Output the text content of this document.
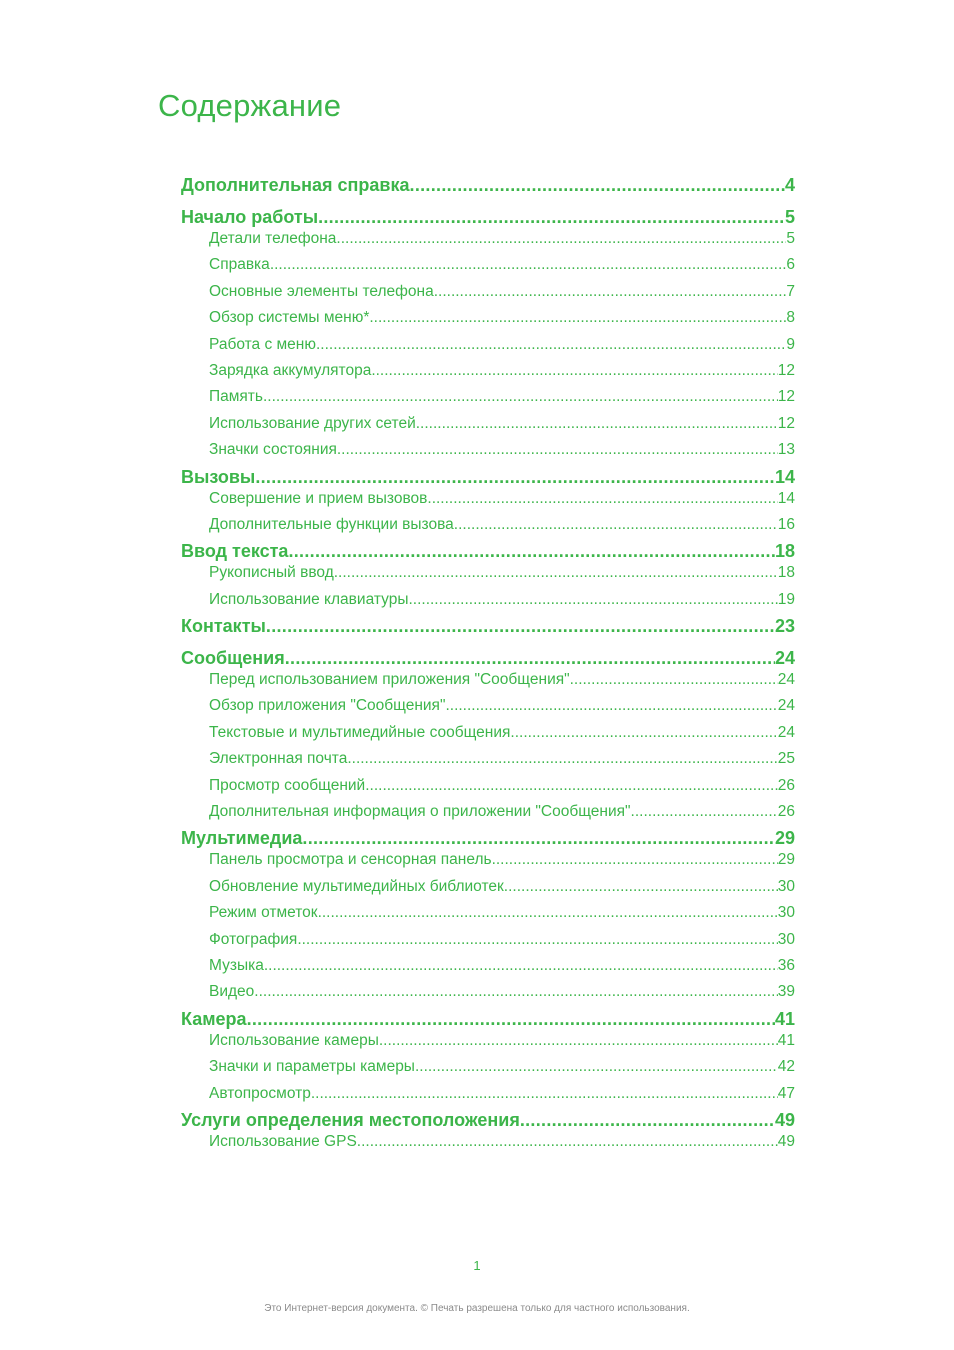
Содержание
Дополнительная справка .....	4
Начало работы .....	5
Детали телефона .....	5
Справка .....	6
Основные элементы телефона .....	7
Обзор системы меню* .....	8
Работа с меню .....	9
Зарядка аккумулятора .....	12
Память .....	12
Использование других сетей .....	12
Значки состояния .....	13
Вызовы .....	14
Совершение и прием вызовов .....	14
Дополнительные функции вызова .....	16
Ввод текста .....	18
Рукописный ввод .....	18
Использование клавиатуры .....	19
Контакты .....	23
Сообщения .....	24
Перед использованием приложения "Сообщения" .....	24
Обзор приложения "Сообщения" .....	24
Текстовые и мультимедийные сообщения .....	24
Электронная почта .....	25
Просмотр сообщений .....	26
Дополнительная информация о приложении "Сообщения" .....	26
Мультимедиа .....	29
Панель просмотра и сенсорная панель .....	29
Обновление мультимедийных библиотек .....	30
Режим отметок .....	30
Фотография .....	30
Музыка .....	36
Видео .....	39
Камера .....	41
Использование камеры .....	41
Значки и параметры камеры .....	42
Автопросмотр .....	47
Услуги определения местоположения .....	49
Использование GPS .....	49
1
Это Интернет-версия документа. © Печать разрешена только для частного использования.
